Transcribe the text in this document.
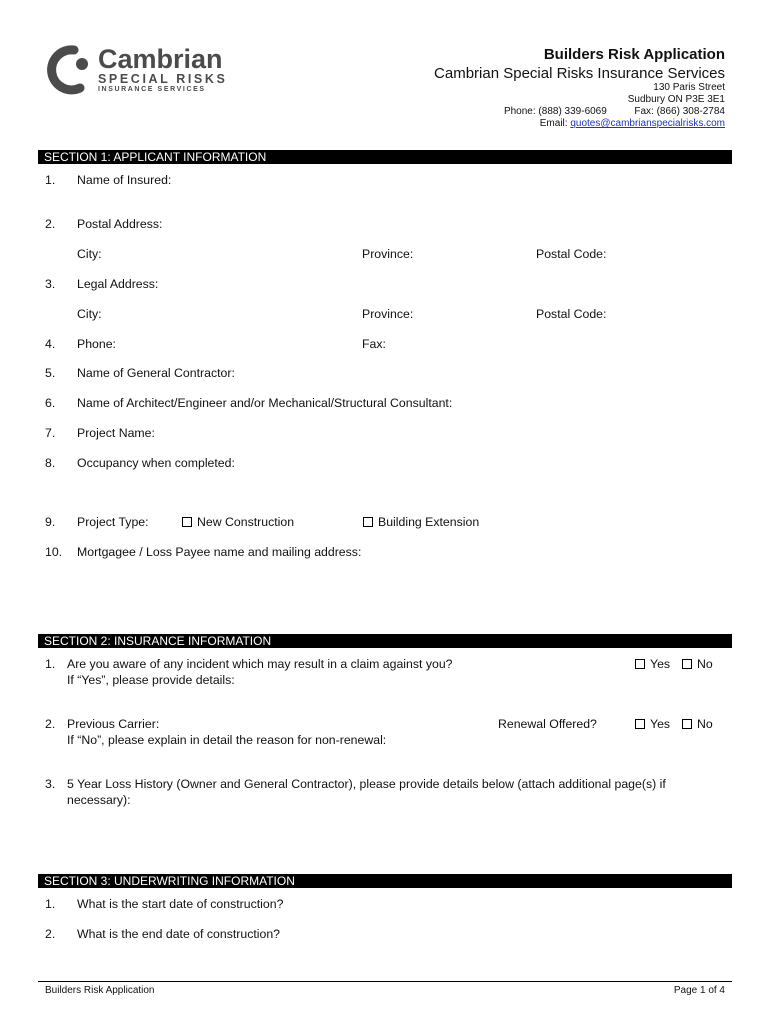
Cambrian
SPECIAL RISKS
INSURANCE SERVICES
Builders Risk Application
Cambrian Special Risks Insurance Services
130 Paris Street
Sudbury ON P3E 3E1
Phone: (888) 339-6069	Fax: (866) 308-2784
Email: quotes@cambrianspecialrisks.com
SECTION 1: APPLICANT INFORMATION
1. Name of Insured:
2. Postal Address:
City:	Province:	Postal Code:
3. Legal Address:
City:	Province:	Postal Code:
4. Phone:	Fax:
5. Name of General Contractor:
6. Name of Architect/Engineer and/or Mechanical/Structural Consultant:
7. Project Name:
8. Occupancy when completed:
9. Project Type:	New Construction	Building Extension
10. Mortgagee / Loss Payee name and mailing address:
SECTION 2: INSURANCE INFORMATION
1. Are you aware of any incident which may result in a claim against you?
If “Yes”, please provide details:
Yes	No
2. Previous Carrier:
If “No”, please explain in detail the reason for non-renewal:
Renewal Offered?	Yes	No
3. 5 Year Loss History (Owner and General Contractor), please provide details below (attach additional page(s) if
necessary):
SECTION 3: UNDERWRITING INFORMATION
1. What is the start date of construction?
2. What is the end date of construction?
Builders Risk Application	Page 1 of 4
